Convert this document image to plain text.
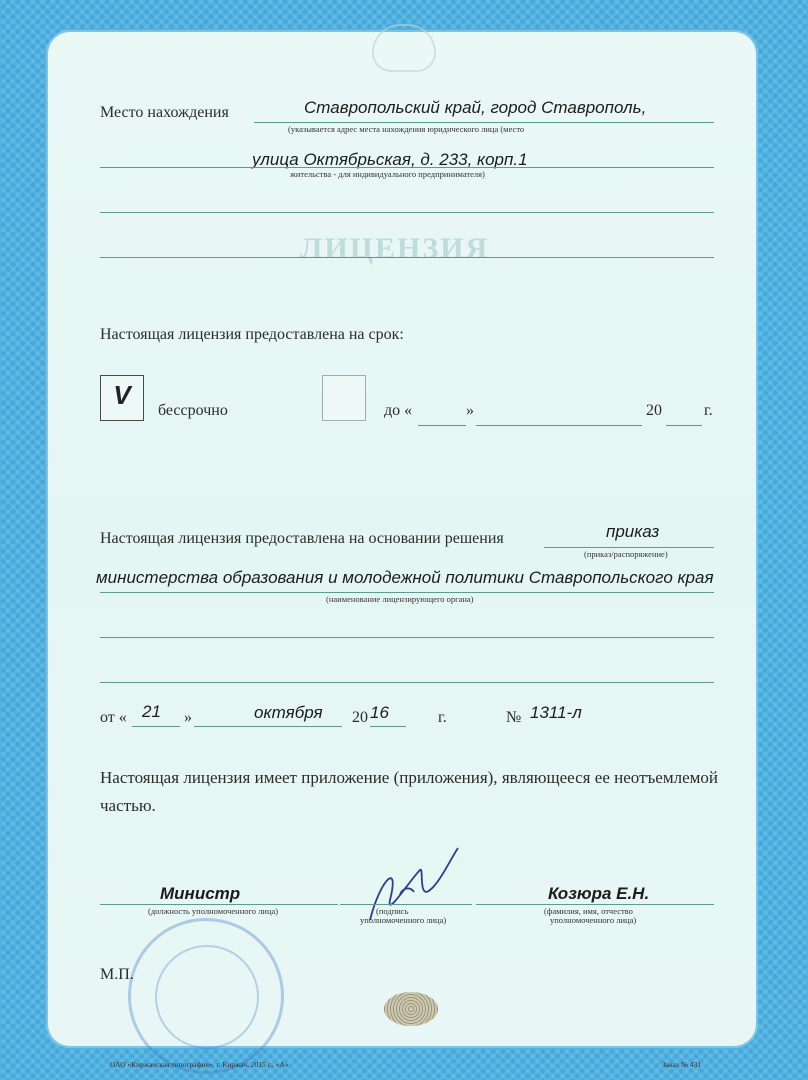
ЛИЦЕНЗИЯ
Место нахождения	Ставропольский край, город Ставрополь,
(указывается адрес места нахождения юридического лица (место
улица Октябрьская, д. 233, корп.1
жительства - для индивидуального предпринимателя)
Настоящая лицензия предоставлена на срок:
V
бессрочно	до «	»	20	г.
Настоящая лицензия предоставлена на основании решения	приказ
(приказ/распоряжение)
министерства образования и молодежной политики Ставропольского края
(наименование лицензирующего органа)
от « 21 »	октября 20 16	г.	№ 1311-л
Настоящая лицензия имеет приложение (приложения), являющееся ее неотъемлемой частью.
Министр
(должность уполномоченного лица)	(подпись
уполномоченного лица)
Козюра Е.Н.
(фамилия, имя, отчество
уполномоченного лица)
М.П.
ОАО «Киржачская типография», г. Киржач, 2015 г., «А»	Заказ № 431
